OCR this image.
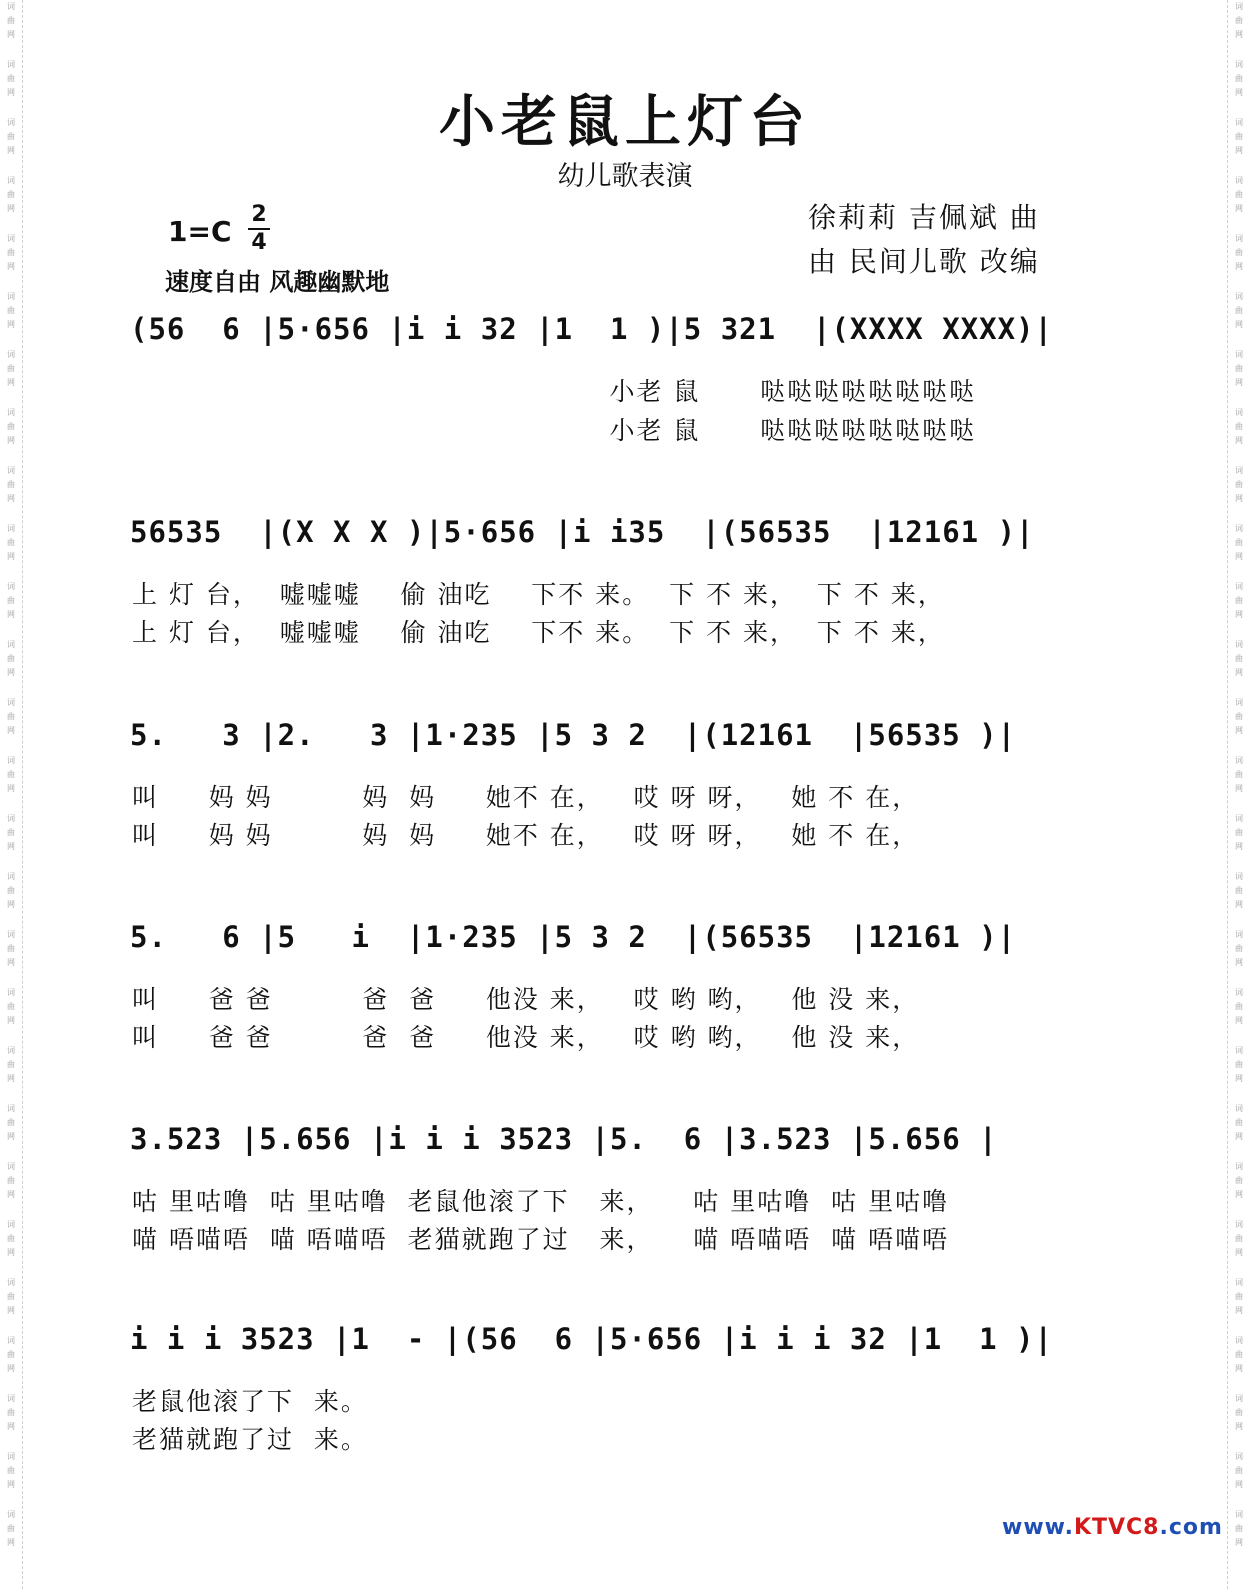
词
曲
网
词
曲
网
词
曲
网
词
曲
网
词
曲
网
词
曲
网
词
曲
网
词
曲
网
词
曲
网
词
曲
网
词
曲
网
词
曲
网
词
曲
网
词
曲
网
词
曲
网
词
曲
网
词
曲
网
词
曲
网
词
曲
网
词
曲
网
词
曲
网
词
曲
网
词
曲
网
词
曲
网
词
曲
网
词
曲
网
词
曲
网
词
曲
网
词
曲
网
词
曲
网
词
曲
网
词
曲
网
词
曲
网
词
曲
网
词
曲
网
词
曲
网
词
曲
网
词
曲
网
词
曲
网
词
曲
网
词
曲
网
词
曲
网
词
曲
网
词
曲
网
词
曲
网
词
曲
网
词
曲
网
词
曲
网
词
曲
网
词
曲
网
词
曲
网
词
曲
网
词
曲
网
词
曲
网
小老鼠上灯台
幼儿歌表演
1=C
2
4
速度自由 风趣幽默地
徐莉莉 吉佩斌 曲
由 民间儿歌 改编
(56  6 |5·656 |i i 32 |1  1 )|5 321  |(XXXX XXXX)|
小老 鼠      哒哒哒哒哒哒哒哒
小老 鼠      哒哒哒哒哒哒哒哒
56535  |(X X X )|5·656 |i i35  |(56535  |12161 )|
上 灯 台，  嘘嘘嘘    偷 油吃    下不 来。  下 不 来，  下 不 来，
上 灯 台，  嘘嘘嘘    偷 油吃    下不 来。  下 不 来，  下 不 来，
5.   3 |2.   3 |1·235 |5 3 2  |(12161  |56535 )|
叫     妈 妈         妈  妈     她不 在，   哎 呀 呀，   她 不 在，
叫     妈 妈         妈  妈     她不 在，   哎 呀 呀，   她 不 在，
5.   6 |5   i  |1·235 |5 3 2  |(56535  |12161 )|
叫     爸 爸         爸  爸     他没 来，   哎 哟 哟，   他 没 来，
叫     爸 爸         爸  爸     他没 来，   哎 哟 哟，   他 没 来，
3.523 |5.656 |i i i 3523 |5.  6 |3.523 |5.656 |
咕 里咕噜  咕 里咕噜  老鼠他滚了下   来，    咕 里咕噜  咕 里咕噜
喵 唔喵唔  喵 唔喵唔  老猫就跑了过   来，    喵 唔喵唔  喵 唔喵唔
i i i 3523 |1  - |(56  6 |5·656 |i i i 32 |1  1 )|
老鼠他滚了下  来。
老猫就跑了过  来。
www.KTVC8.com
